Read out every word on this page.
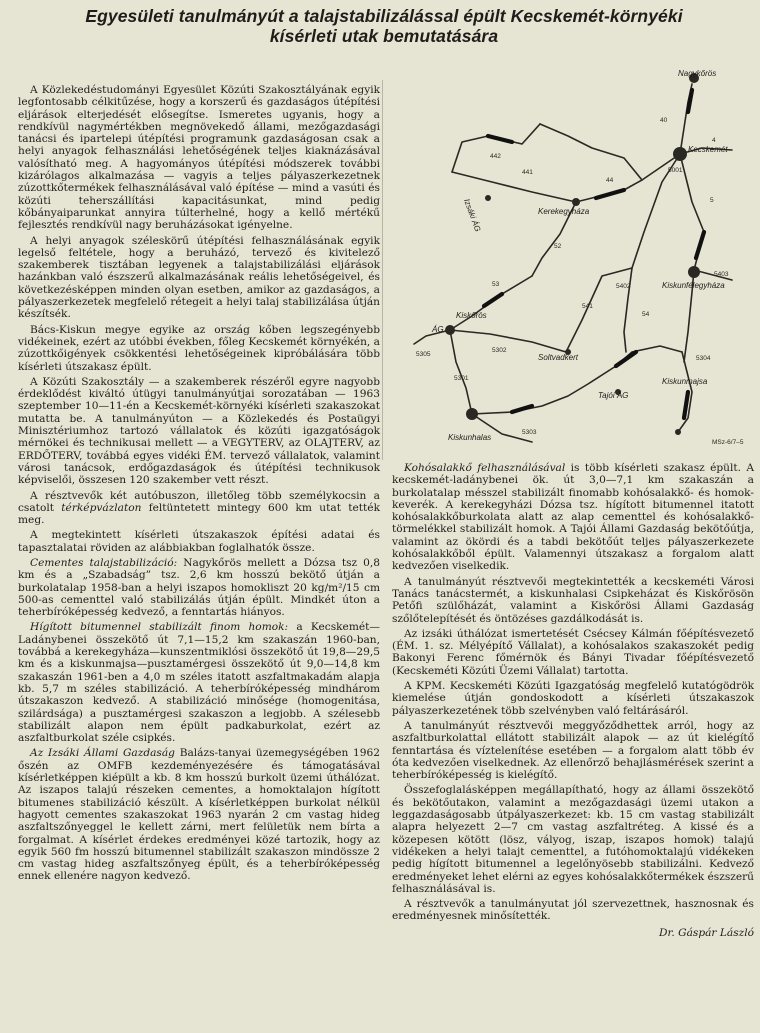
Egyesületi tanulmányút a talajstabilizálással épült Kecskemét-környéki
kísérleti utak bemutatására

A Közlekedéstudományi Egyesület Közúti Szakosztályának egyik legfontosabb célkitűzése, hogy a korszerű és gazdaságos útépítési eljárások elterjedését elősegítse. Ismeretes ugyanis, hogy a rendkívül nagymértékben megnövekedő állami, mezőgazdasági tanácsi és ipartelepi útépítési programunk gazdaságosan csak a helyi anyagok felhasználási lehetőségének teljes kiaknázásával valósítható meg. A hagyományos útépítési módszerek további kizárólagos alkalmazása — vagyis a teljes pályaszerkezetnek zúzottkőtermékek felhasználásával való építése — mind a vasúti és közúti teherszállítási kapacitásunkat, mind pedig kőbányaiparunkat annyira túlterhelné, hogy a kellő mértékű fejlesztés rendkívül nagy beruházásokat igényelne.

A helyi anyagok széleskörű útépítési felhasználásának egyik legelső feltétele, hogy a beruházó, tervező és kivitelező szakemberek tisztában legyenek a talajstabilizálási eljárások hazánkban való észszerű alkalmazásának reális lehetőségeivel, és következésképpen minden olyan esetben, amikor az gazdaságos, a pályaszerkezetek megfelelő rétegeit a helyi talaj stabilizálása útján készítsék.

Bács-Kiskun megye egyike az ország kőben legszegényebb vidékeinek, ezért az utóbbi években, főleg Kecskemét környékén, a zúzottkőigények csökkentési lehetőségeinek kipróbálására több kísérleti útszakasz épült.

A Közúti Szakosztály — a szakemberek részéről egyre nagyobb érdeklődést kiváltó útügyi tanulmányútjai sorozatában — 1963 szeptember 10—11-én a Kecskemét-környéki kísérleti szakaszokat mutatta be. A tanulmányúton — a Közlekedés és Postaügyi Minisztériumhoz tartozó vállalatok és közúti igazgatóságok mérnökei és technikusai mellett — a VEGYTERV, az OLAJTERV, az ERDŐTERV, továbbá egyes vidéki ÉM. tervező vállalatok, valamint városi tanácsok, erdőgazdaságok és útépítési technikusok képviselői, összesen 120 szakember vett részt.

A résztvevők két autóbuszon, illetőleg több személykocsin a csatolt térképvázlaton feltüntetett mintegy 600 km utat tették meg.

A megtekintett kísérleti útszakaszok építési adatai és tapasztalatai röviden az alábbiakban foglalhatók össze.

Cementes talajstabilizáció: Nagykőrös mellett a Dózsa tsz 0,8 km és a „Szabadság” tsz. 2,6 km hosszú bekötő útján a burkolatalap 1958-ban a helyi iszapos homokliszt 20 kg/m²/15 cm 500-as cementtel való stabilizálás útján épült. Mindkét úton a teherbíróképesség kedvező, a fenntartás hiányos.

Hígított bitumennel stabilizált finom homok: a Kecskemét—Ladánybenei összekötő út 7,1—15,2 km szakaszán 1960-ban, továbbá a kerekegyháza—kunszentmiklósi összekötő út 19,8—29,5 km és a kiskunmajsa—pusztamérgesi összekötő út 9,0—14,8 km szakaszán 1961-ben a 4,0 m széles itatott aszfaltmakadám alapja kb. 5,7 m széles stabilizáció. A teherbíróképesség mindhárom útszakaszon kedvező. A stabilizáció minősége (homogenitása, szilárdsága) a pusztamérgesi szakaszon a legjobb. A szélesebb stabilizált alapon nem épült padkaburkolat, ezért az aszfaltburkolat széle csipkés.

Az Izsáki Állami Gazdaság Balázs-tanyai üzemegységében 1962 őszén az OMFB kezdeményezésére és támogatásával kísérletképpen kiépült a kb. 8 km hosszú burkolt üzemi úthálózat. Az iszapos talajú részeken cementes, a homoktalajon hígított bitumenes stabilizáció készült. A kísérletképpen burkolat nélkül hagyott cementes szakaszokat 1963 nyarán 2 cm vastag hideg aszfaltszőnyeggel le kellett zárni, mert felületük nem bírta a forgalmat. A kísérlet érdekes eredményei közé tartozik, hogy az egyik 560 fm hosszú bitumennel stabilizált szakaszon mindössze 2 cm vastag hideg aszfaltszőnyeg épült, és a teherbíróképesség ennek ellenére nagyon kedvező.

Nagykőrös
Kecskemét
Kerekegyháza
Izsáki ÁG
Kiskunfélegyháza
Kiskőrös
ÁG
Soltvadkert
Kiskunmajsa
Tajói ÁG
Kiskunhalas
40
44
441
442
4
5
52
53
54
541
5001
5301
5302
5303
5304
5305
5402
5403
MSz-6/7–5

Kohósalakkő felhasználásával is több kísérleti szakasz épült. A kecskemét-ladánybenei ök. út 3,0—7,1 km szakaszán a burkolatalap mésszel stabilizált finomabb kohósalakkő- és homok-keverék. A kerekegyházi Dózsa tsz. hígított bitumennel itatott kohósalakkőburkolata alatt az alap cementtel és kohósalakkő-törmelékkel stabilizált homok. A Tajói Állami Gazdaság bekötőútja, valamint az ökördi és a tabdi bekötőút teljes pályaszerkezete kohósalakkőből épült. Valamennyi útszakasz a forgalom alatt kedvezően viselkedik.

A tanulmányút résztvevői megtekintették a kecskeméti Városi Tanács tanácstermét, a kiskunhalasi Csipkeházat és Kiskőrösön Petőfi szülőházát, valamint a Kiskőrösi Állami Gazdaság szőlőtelepítését és öntözéses gazdálkodását is.

Az izsáki úthálózat ismertetését Csécsey Kálmán főépítésvezető (ÉM. 1. sz. Mélyépítő Vállalat), a kohósalakos szakaszokét pedig Bakonyi Ferenc főmérnök és Bányi Tivadar főépítésvezető (Kecskeméti Közúti Üzemi Vállalat) tartotta.

A KPM. Kecskeméti Közúti Igazgatóság megfelelő kutatógödrök kiemelése útján gondoskodott a kísérleti útszakaszok pályaszerkezetének több szelvényben való feltárásáról.

A tanulmányút résztvevői meggyőződhettek arról, hogy az aszfaltburkolattal ellátott stabilizált alapok — az út kielégítő fenntartása és víztelenítése esetében — a forgalom alatt több év óta kedvezően viselkednek. Az ellenőrző behajlásmérések szerint a teherbíróképesség is kielégítő.

Összefoglalásképpen megállapítható, hogy az állami összekötő és bekötőutakon, valamint a mezőgazdasági üzemi utakon a leggazdaságosabb útpályaszerkezet: kb. 15 cm vastag stabilizált alapra helyezett 2—7 cm vastag aszfaltréteg. A kissé és a közepesen kötött (lösz, vályog, iszap, iszapos homok) talajú vidékeken a helyi talajt cementtel, a futóhomoktalajú vidékeken pedig hígított bitumennel a legelőnyösebb stabilizálni. Kedvező eredményeket lehet elérni az egyes kohósalakkőtermékek észszerű felhasználásával is.

A résztvevők a tanulmányutat jól szervezettnek, hasznosnak és eredményesnek minősítették.

Dr. Gáspár László
